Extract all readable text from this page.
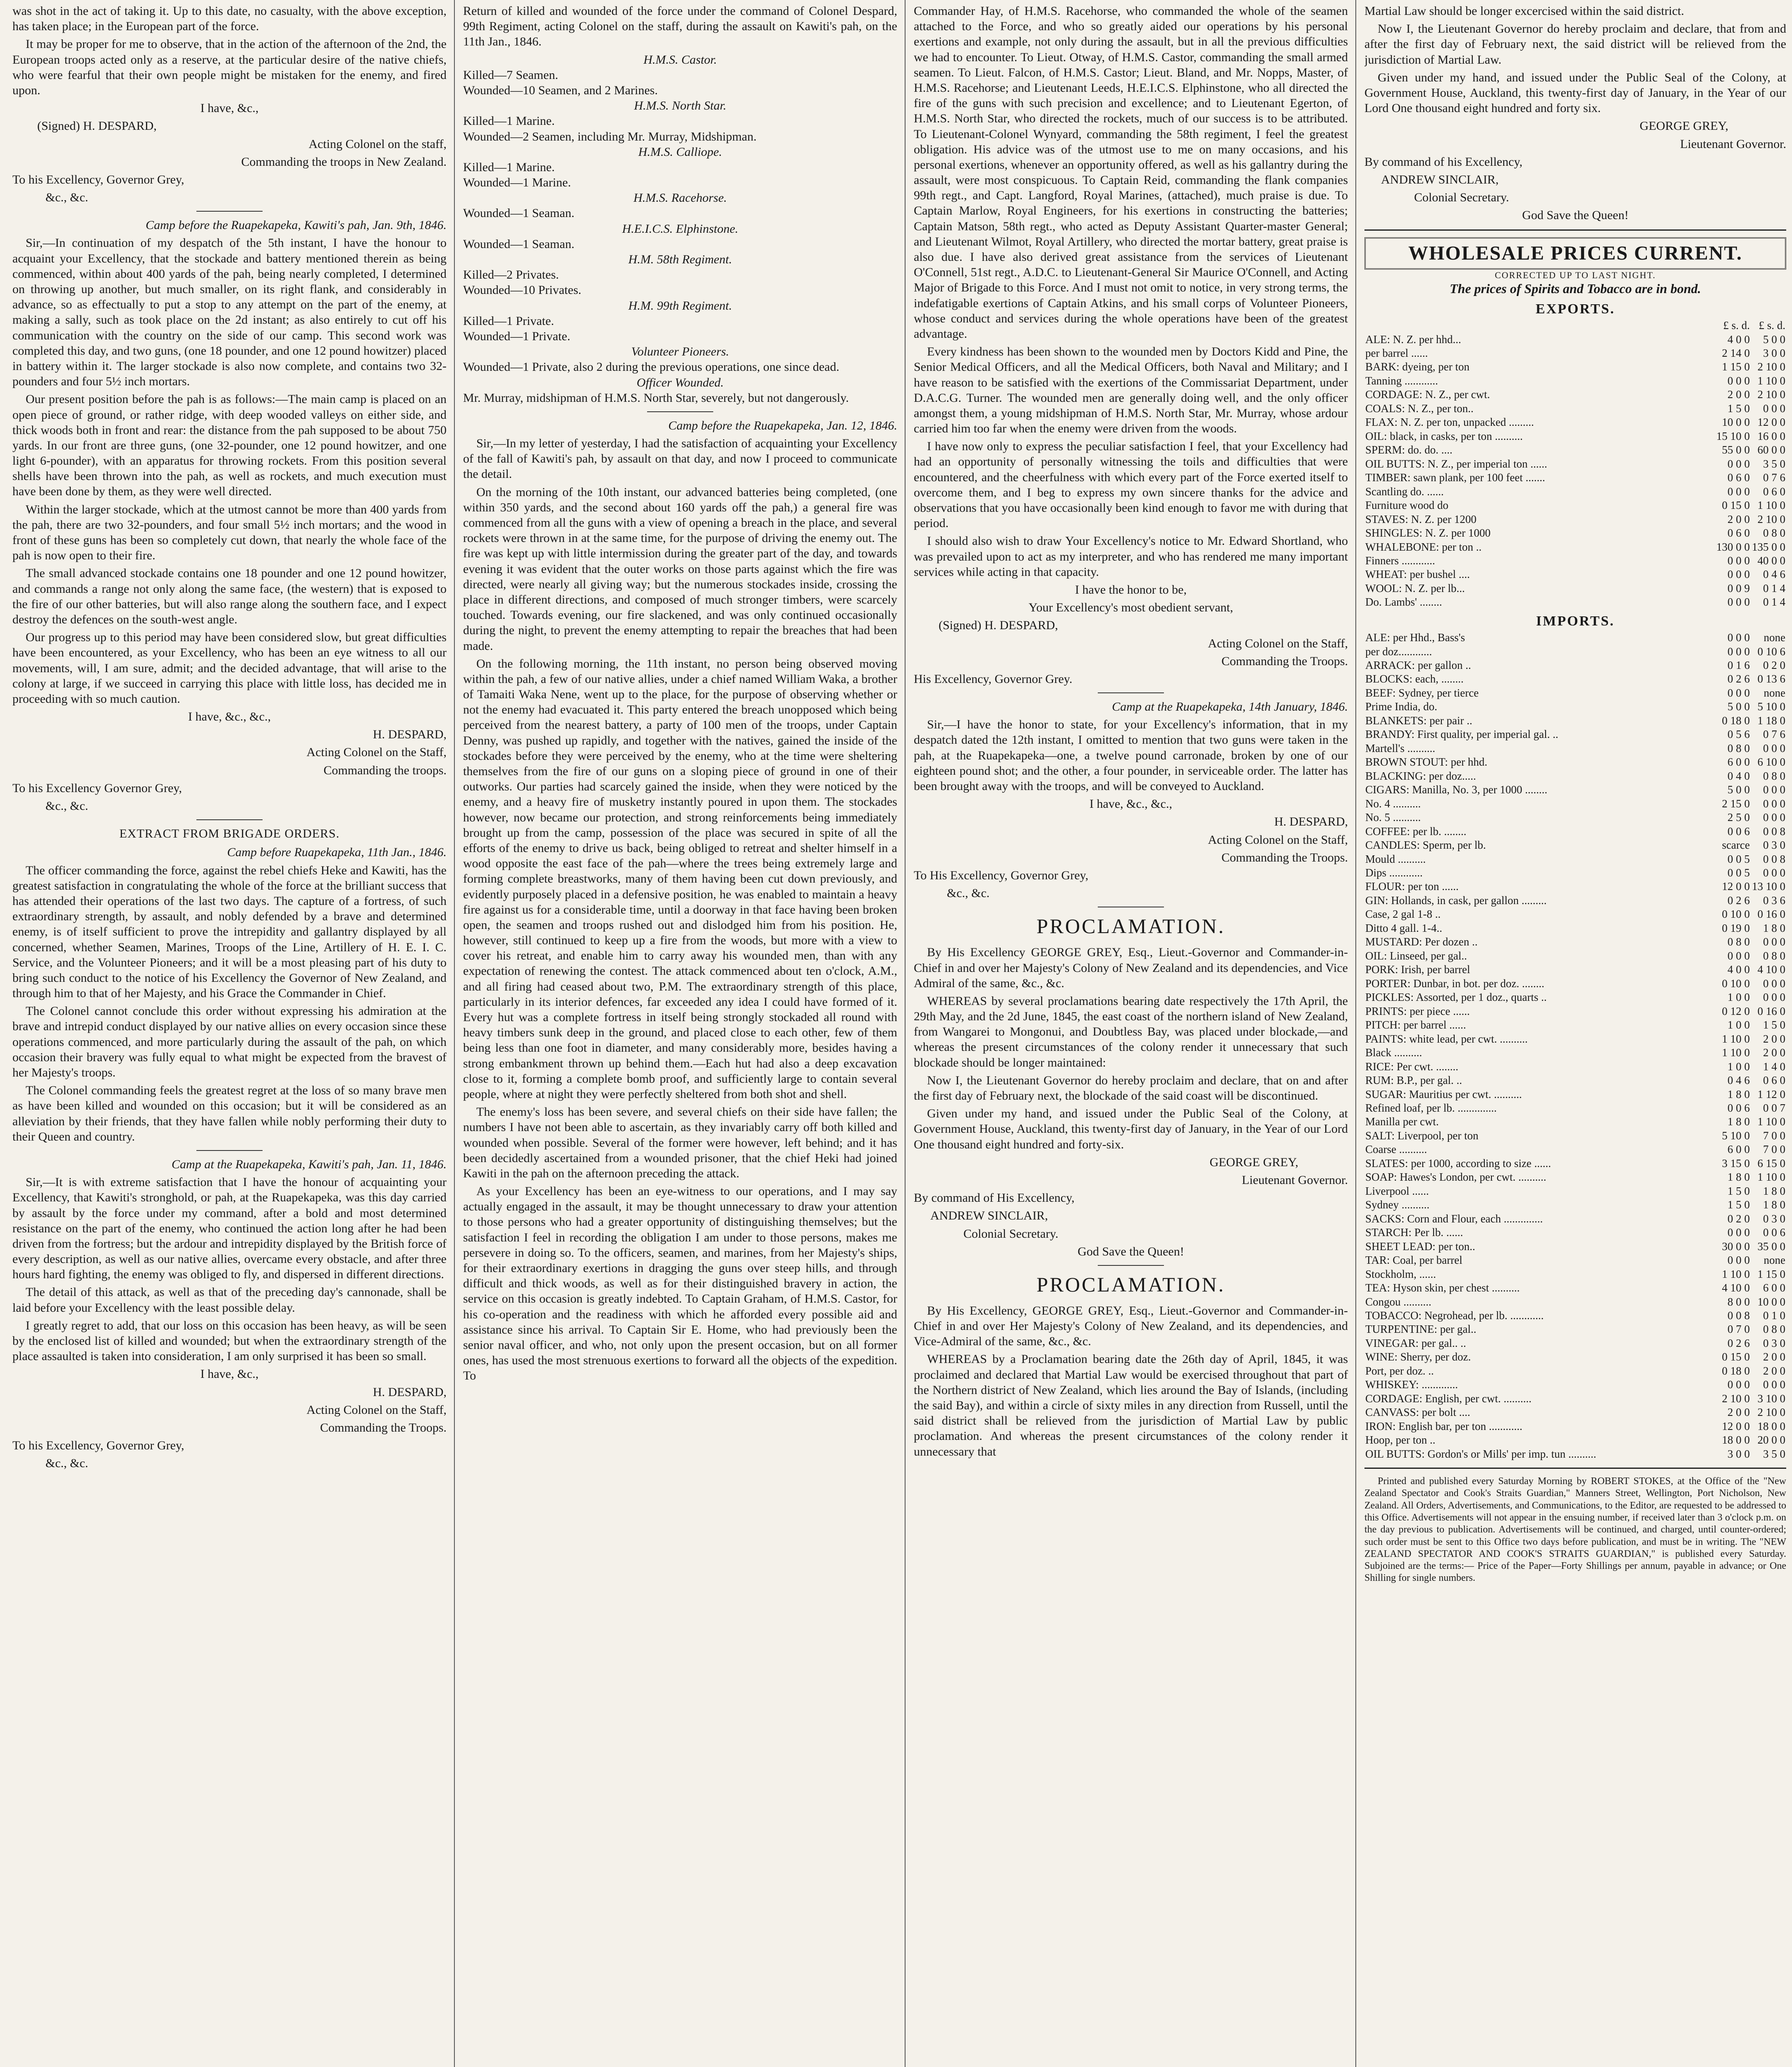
was shot in the act of taking it. Up to this date, no casualty, with the above exception, has taken place; in the European part of the force.

It may be proper for me to observe, that in the action of the afternoon of the 2nd, the European troops acted only as a reserve, at the particular desire of the native chiefs, who were fearful that their own people might be mistaken for the enemy, and fired upon.

I have, &c.,

(Signed) H. DESPARD,

Acting Colonel on the staff,

Commanding the troops in New Zealand.

To his Excellency, Governor Grey,

&c., &c.

Camp before the Ruapekapeka, Kawiti's pah, Jan. 9th, 1846.

Sir,—In continuation of my despatch of the 5th instant, I have the honour to acquaint your Excellency, that the stockade and battery mentioned therein as being commenced, within about 400 yards of the pah, being nearly completed, I determined on throwing up another, but much smaller, on its right flank, and considerably in advance, so as effectually to put a stop to any attempt on the part of the enemy, at making a sally, such as took place on the 2d instant; as also entirely to cut off his communication with the country on the side of our camp. This second work was completed this day, and two guns, (one 18 pounder, and one 12 pound howitzer) placed in battery within it. The larger stockade is also now complete, and contains two 32-pounders and four 5½ inch mortars.

Our present position before the pah is as follows:—The main camp is placed on an open piece of ground, or rather ridge, with deep wooded valleys on either side, and thick woods both in front and rear: the distance from the pah supposed to be about 750 yards. In our front are three guns, (one 32-pounder, one 12 pound howitzer, and one light 6-pounder), with an apparatus for throwing rockets. From this position several shells have been thrown into the pah, as well as rockets, and much execution must have been done by them, as they were well directed.

Within the larger stockade, which at the utmost cannot be more than 400 yards from the pah, there are two 32-pounders, and four small 5½ inch mortars; and the wood in front of these guns has been so completely cut down, that nearly the whole face of the pah is now open to their fire.

The small advanced stockade contains one 18 pounder and one 12 pound howitzer, and commands a range not only along the same face, (the western) that is exposed to the fire of our other batteries, but will also range along the southern face, and I expect destroy the defences on the south-west angle.

Our progress up to this period may have been considered slow, but great difficulties have been encountered, as your Excellency, who has been an eye witness to all our movements, will, I am sure, admit; and the decided advantage, that will arise to the colony at large, if we succeed in carrying this place with little loss, has decided me in proceeding with so much caution.

I have, &c., &c.,

H. DESPARD,

Acting Colonel on the Staff,

Commanding the troops.

To his Excellency Governor Grey,

&c., &c.

EXTRACT FROM BRIGADE ORDERS.

Camp before Ruapekapeka, 11th Jan., 1846.

The officer commanding the force, against the rebel chiefs Heke and Kawiti, has the greatest satisfaction in congratulating the whole of the force at the brilliant success that has attended their operations of the last two days. The capture of a fortress, of such extraordinary strength, by assault, and nobly defended by a brave and determined enemy, is of itself sufficient to prove the intrepidity and gallantry displayed by all concerned, whether Seamen, Marines, Troops of the Line, Artillery of H. E. I. C. Service, and the Volunteer Pioneers; and it will be a most pleasing part of his duty to bring such conduct to the notice of his Excellency the Governor of New Zealand, and through him to that of her Majesty, and his Grace the Commander in Chief.

The Colonel cannot conclude this order without expressing his admiration at the brave and intrepid conduct displayed by our native allies on every occasion since these operations commenced, and more particularly during the assault of the pah, on which occasion their bravery was fully equal to what might be expected from the bravest of her Majesty's troops.

The Colonel commanding feels the greatest regret at the loss of so many brave men as have been killed and wounded on this occasion; but it will be considered as an alleviation by their friends, that they have fallen while nobly performing their duty to their Queen and country.

Camp at the Ruapekapeka, Kawiti's pah, Jan. 11, 1846.

Sir,—It is with extreme satisfaction that I have the honour of acquainting your Excellency, that Kawiti's stronghold, or pah, at the Ruapekapeka, was this day carried by assault by the force under my command, after a bold and most determined resistance on the part of the enemy, who continued the action long after he had been driven from the fortress; but the ardour and intrepidity displayed by the British force of every description, as well as our native allies, overcame every obstacle, and after three hours hard fighting, the enemy was obliged to fly, and dispersed in different directions.

The detail of this attack, as well as that of the preceding day's cannonade, shall be laid before your Excellency with the least possible delay.

I greatly regret to add, that our loss on this occasion has been heavy, as will be seen by the enclosed list of killed and wounded; but when the extraordinary strength of the place assaulted is taken into consideration, I am only surprised it has been so small.

I have, &c.,

H. DESPARD,

Acting Colonel on the Staff,

Commanding the Troops.

To his Excellency, Governor Grey,

&c., &c.

Return of killed and wounded of the force under the command of Colonel Despard, 99th Regiment, acting Colonel on the staff, during the assault on Kawiti's pah, on the 11th Jan., 1846.

H.M.S. Castor.
Killed—7 Seamen.
Wounded—10 Seamen, and 2 Marines.
H.M.S. North Star.
Killed—1 Marine.
Wounded—2 Seamen, including Mr. Murray, Midshipman.
H.M.S. Calliope.
Killed—1 Marine.
Wounded—1 Marine.
H.M.S. Racehorse.
Wounded—1 Seaman.
H.E.I.C.S. Elphinstone.
Wounded—1 Seaman.
H.M. 58th Regiment.
Killed—2 Privates.
Wounded—10 Privates.
H.M. 99th Regiment.
Killed—1 Private.
Wounded—1 Private.
Volunteer Pioneers.
Wounded—1 Private, also 2 during the previous operations, one since dead.
Officer Wounded.
Mr. Murray, midshipman of H.M.S. North Star, severely, but not dangerously.

Camp before the Ruapekapeka, Jan. 12, 1846.

Sir,—In my letter of yesterday, I had the satisfaction of acquainting your Excellency of the fall of Kawiti's pah, by assault on that day, and now I proceed to communicate the detail.

On the morning of the 10th instant, our advanced batteries being completed, (one within 350 yards, and the second about 160 yards off the pah,) a general fire was commenced from all the guns with a view of opening a breach in the place, and several rockets were thrown in at the same time, for the purpose of driving the enemy out. The fire was kept up with little intermission during the greater part of the day, and towards evening it was evident that the outer works on those parts against which the fire was directed, were nearly all giving way; but the numerous stockades inside, crossing the place in different directions, and composed of much stronger timbers, were scarcely touched. Towards evening, our fire slackened, and was only continued occasionally during the night, to prevent the enemy attempting to repair the breaches that had been made.

On the following morning, the 11th instant, no person being observed moving within the pah, a few of our native allies, under a chief named William Waka, a brother of Tamaiti Waka Nene, went up to the place, for the purpose of observing whether or not the enemy had evacuated it. This party entered the breach unopposed which being perceived from the nearest battery, a party of 100 men of the troops, under Captain Denny, was pushed up rapidly, and together with the natives, gained the inside of the stockades before they were perceived by the enemy, who at the time were sheltering themselves from the fire of our guns on a sloping piece of ground in one of their outworks. Our parties had scarcely gained the inside, when they were noticed by the enemy, and a heavy fire of musketry instantly poured in upon them. The stockades however, now became our protection, and strong reinforcements being immediately brought up from the camp, possession of the place was secured in spite of all the efforts of the enemy to drive us back, being obliged to retreat and shelter himself in a wood opposite the east face of the pah—where the trees being extremely large and forming complete breastworks, many of them having been cut down previously, and evidently purposely placed in a defensive position, he was enabled to maintain a heavy fire against us for a considerable time, until a doorway in that face having been broken open, the seamen and troops rushed out and dislodged him from his position. He, however, still continued to keep up a fire from the woods, but more with a view to cover his retreat, and enable him to carry away his wounded men, than with any expectation of renewing the contest. The attack commenced about ten o'clock, A.M., and all firing had ceased about two, P.M. The extraordinary strength of this place, particularly in its interior defences, far exceeded any idea I could have formed of it. Every hut was a complete fortress in itself being strongly stockaded all round with heavy timbers sunk deep in the ground, and placed close to each other, few of them being less than one foot in diameter, and many considerably more, besides having a strong embankment thrown up behind them.—Each hut had also a deep excavation close to it, forming a complete bomb proof, and sufficiently large to contain several people, where at night they were perfectly sheltered from both shot and shell.

The enemy's loss has been severe, and several chiefs on their side have fallen; the numbers I have not been able to ascertain, as they invariably carry off both killed and wounded when possible. Several of the former were however, left behind; and it has been decidedly ascertained from a wounded prisoner, that the chief Heki had joined Kawiti in the pah on the afternoon preceding the attack.

As your Excellency has been an eye-witness to our operations, and I may say actually engaged in the assault, it may be thought unnecessary to draw your attention to those persons who had a greater opportunity of distinguishing themselves; but the satisfaction I feel in recording the obligation I am under to those persons, makes me persevere in doing so. To the officers, seamen, and marines, from her Majesty's ships, for their extraordinary exertions in dragging the guns over steep hills, and through difficult and thick woods, as well as for their distinguished bravery in action, the service on this occasion is greatly indebted. To Captain Graham, of H.M.S. Castor, for his co-operation and the readiness with which he afforded every possible aid and assistance since his arrival. To Captain Sir E. Home, who had previously been the senior naval officer, and who, not only upon the present occasion, but on all former ones, has used the most strenuous exertions to forward all the objects of the expedition. To

Commander Hay, of H.M.S. Racehorse, who commanded the whole of the seamen attached to the Force, and who so greatly aided our operations by his personal exertions and example, not only during the assault, but in all the previous difficulties we had to encounter. To Lieut. Otway, of H.M.S. Castor, commanding the small armed seamen. To Lieut. Falcon, of H.M.S. Castor; Lieut. Bland, and Mr. Nopps, Master, of H.M.S. Racehorse; and Lieutenant Leeds, H.E.I.C.S. Elphinstone, who all directed the fire of the guns with such precision and excellence; and to Lieutenant Egerton, of H.M.S. North Star, who directed the rockets, much of our success is to be attributed. To Lieutenant-Colonel Wynyard, commanding the 58th regiment, I feel the greatest obligation. His advice was of the utmost use to me on many occasions, and his personal exertions, whenever an opportunity offered, as well as his gallantry during the assault, were most conspicuous. To Captain Reid, commanding the flank companies 99th regt., and Capt. Langford, Royal Marines, (attached), much praise is due. To Captain Marlow, Royal Engineers, for his exertions in constructing the batteries; Captain Matson, 58th regt., who acted as Deputy Assistant Quarter-master General; and Lieutenant Wilmot, Royal Artillery, who directed the mortar battery, great praise is also due. I have also derived great assistance from the services of Lieutenant O'Connell, 51st regt., A.D.C. to Lieutenant-General Sir Maurice O'Connell, and Acting Major of Brigade to this Force. And I must not omit to notice, in very strong terms, the indefatigable exertions of Captain Atkins, and his small corps of Volunteer Pioneers, whose conduct and services during the whole operations have been of the greatest advantage.

Every kindness has been shown to the wounded men by Doctors Kidd and Pine, the Senior Medical Officers, and all the Medical Officers, both Naval and Military; and I have reason to be satisfied with the exertions of the Commissariat Department, under D.A.C.G. Turner. The wounded men are generally doing well, and the only officer amongst them, a young midshipman of H.M.S. North Star, Mr. Murray, whose ardour carried him too far when the enemy were driven from the woods.

I have now only to express the peculiar satisfaction I feel, that your Excellency had had an opportunity of personally witnessing the toils and difficulties that were encountered, and the cheerfulness with which every part of the Force exerted itself to overcome them, and I beg to express my own sincere thanks for the advice and observations that you have occasionally been kind enough to favor me with during that period.

I should also wish to draw Your Excellency's notice to Mr. Edward Shortland, who was prevailed upon to act as my interpreter, and who has rendered me many important services while acting in that capacity.

I have the honor to be,

Your Excellency's most obedient servant,

(Signed) H. DESPARD,

Acting Colonel on the Staff,

Commanding the Troops.

His Excellency, Governor Grey.

Camp at the Ruapekapeka, 14th January, 1846.

Sir,—I have the honor to state, for your Excellency's information, that in my despatch dated the 12th instant, I omitted to mention that two guns were taken in the pah, at the Ruapekapeka—one, a twelve pound carronade, broken by one of our eighteen pound shot; and the other, a four pounder, in serviceable order. The latter has been brought away with the troops, and will be conveyed to Auckland.

I have, &c., &c.,

H. DESPARD,

Acting Colonel on the Staff,

Commanding the Troops.

To His Excellency, Governor Grey,

&c., &c.

PROCLAMATION.

By His Excellency GEORGE GREY, Esq., Lieut.-Governor and Commander-in-Chief in and over her Majesty's Colony of New Zealand and its dependencies, and Vice Admiral of the same, &c., &c.

WHEREAS by several proclamations bearing date respectively the 17th April, the 29th May, and the 2d June, 1845, the east coast of the northern island of New Zealand, from Wangarei to Mongonui, and Doubtless Bay, was placed under blockade,—and whereas the present circumstances of the colony render it unnecessary that such blockade should be longer maintained:

Now I, the Lieutenant Governor do hereby proclaim and declare, that on and after the first day of February next, the blockade of the said coast will be discontinued.

Given under my hand, and issued under the Public Seal of the Colony, at Government House, Auckland, this twenty-first day of January, in the Year of our Lord One thousand eight hundred and forty-six.

GEORGE GREY,

Lieutenant Governor.

By command of His Excellency,

ANDREW SINCLAIR,

Colonial Secretary.

God Save the Queen!

PROCLAMATION.

By His Excellency, GEORGE GREY, Esq., Lieut.-Governor and Commander-in-Chief in and over Her Majesty's Colony of New Zealand, and its dependencies, and Vice-Admiral of the same, &c., &c.

WHEREAS by a Proclamation bearing date the 26th day of April, 1845, it was proclaimed and declared that Martial Law would be exercised throughout that part of the Northern district of New Zealand, which lies around the Bay of Islands, (including the said Bay), and within a circle of sixty miles in any direction from Russell, until the said district shall be relieved from the jurisdiction of Martial Law by public proclamation. And whereas the present circumstances of the colony render it unnecessary that

Martial Law should be longer excercised within the said district.

Now I, the Lieutenant Governor do hereby proclaim and declare, that from and after the first day of February next, the said district will be relieved from the jurisdiction of Martial Law.

Given under my hand, and issued under the Public Seal of the Colony, at Government House, Auckland, this twenty-first day of January, in the Year of our Lord One thousand eight hundred and forty six.

GEORGE GREY,

Lieutenant Governor.

By command of his Excellency,

ANDREW SINCLAIR,

Colonial Secretary.

God Save the Queen!

WHOLESALE PRICES CURRENT.
CORRECTED UP TO LAST NIGHT.
The prices of Spirits and Tobacco are in bond.
EXPORTS.
	£ s. d.	£ s. d.
ALE: N. Z. per hhd...	4 0 0	5 0 0
per barrel ......	2 14 0	3 0 0
BARK: dyeing, per ton	1 15 0	2 10 0
Tanning ............	0 0 0	1 10 0
CORDAGE: N. Z., per cwt.	2 0 0	2 10 0
COALS: N. Z., per ton..	1 5 0	0 0 0
FLAX: N. Z. per ton, unpacked .........	10 0 0	12 0 0
OIL: black, in casks, per ton ..........	15 10 0	16 0 0
SPERM: do. do. ....	55 0 0	60 0 0
OIL BUTTS: N. Z., per imperial ton ......	0 0 0	3 5 0
TIMBER: sawn plank, per 100 feet .......	0 6 0	0 7 6
Scantling do. ......	0 0 0	0 6 0
Furniture wood do	0 15 0	1 10 0
STAVES: N. Z. per 1200	2 0 0	2 10 0
SHINGLES: N. Z. per 1000	0 6 0	0 8 0
WHALEBONE: per ton ..	130 0 0	135 0 0
Finners ............	0 0 0	40 0 0
WHEAT: per bushel ....	0 0 0	0 4 6
WOOL: N. Z. per lb...	0 0 9	0 1 4
Do. Lambs' ........	0 0 0	0 1 4
IMPORTS.
ALE: per Hhd., Bass's	0 0 0	none
per doz............	0 0 0	0 10 6
ARRACK: per gallon ..	0 1 6	0 2 0
BLOCKS: each, ........	0 2 6	0 13 6
BEEF: Sydney, per tierce	0 0 0	none
Prime India, do.	5 0 0	5 10 0
BLANKETS: per pair ..	0 18 0	1 18 0
BRANDY: First quality, per imperial gal. ..	0 5 6	0 7 6
Martell's ..........	0 8 0	0 0 0
BROWN STOUT: per hhd.	6 0 0	6 10 0
BLACKING: per doz.....	0 4 0	0 8 0
CIGARS: Manilla, No. 3, per 1000 ........	5 0 0	0 0 0
No. 4 ..........	2 15 0	0 0 0
No. 5 ..........	2 5 0	0 0 0
COFFEE: per lb. ........	0 0 6	0 0 8
CANDLES: Sperm, per lb.	scarce	0 3 0
Mould ..........	0 0 5	0 0 8
Dips ............	0 0 5	0 0 0
FLOUR: per ton ......	12 0 0	13 10 0
GIN: Hollands, in cask, per gallon .........	0 2 6	0 3 6
Case, 2 gal 1-8 ..	0 10 0	0 16 0
Ditto 4 gall. 1-4..	0 19 0	1 8 0
MUSTARD: Per dozen ..	0 8 0	0 0 0
OIL: Linseed, per gal..	0 0 0	0 8 0
PORK: Irish, per barrel	4 0 0	4 10 0
PORTER: Dunbar, in bot. per doz. ........	0 10 0	0 0 0
PICKLES: Assorted, per 1 doz., quarts ..	1 0 0	0 0 0
PRINTS: per piece ......	0 12 0	0 16 0
PITCH: per barrel ......	1 0 0	1 5 0
PAINTS: white lead, per cwt. ..........	1 10 0	2 0 0
Black ..........	1 10 0	2 0 0
RICE: Per cwt. ........	1 0 0	1 4 0
RUM: B.P., per gal. ..	0 4 6	0 6 0
SUGAR: Mauritius per cwt. ..........	1 8 0	1 12 0
Refined loaf, per lb. ..............	0 0 6	0 0 7
Manilla per cwt.	1 8 0	1 10 0
SALT: Liverpool, per ton	5 10 0	7 0 0
Coarse ..........	6 0 0	7 0 0
SLATES: per 1000, according to size ......	3 15 0	6 15 0
SOAP: Hawes's London, per cwt. ..........	1 8 0	1 10 0
Liverpool ......	1 5 0	1 8 0
Sydney ..........	1 5 0	1 8 0
SACKS: Corn and Flour, each ..............	0 2 0	0 3 0
STARCH: Per lb. ......	0 0 0	0 0 6
SHEET LEAD: per ton..	30 0 0	35 0 0
TAR: Coal, per barrel	0 0 0	none
Stockholm, ......	1 10 0	1 15 0
TEA: Hyson skin, per chest ..........	4 10 0	6 0 0
Congou ..........	8 0 0	10 0 0
TOBACCO: Negrohead, per lb. ............	0 0 8	0 1 0
TURPENTINE: per gal..	0 7 0	0 8 0
VINEGAR: per gal.. ..	0 2 6	0 3 0
WINE: Sherry, per doz.	0 15 0	2 0 0
Port, per doz. ..	0 18 0	2 0 0
WHISKEY: .............	0 0 0	0 0 0
CORDAGE: English, per cwt. ..........	2 10 0	3 10 0
CANVASS: per bolt ....	2 0 0	2 10 0
IRON: English bar, per ton ............	12 0 0	18 0 0
Hoop, per ton ..	18 0 0	20 0 0
OIL BUTTS: Gordon's or Mills' per imp. tun ..........	3 0 0	3 5 0

Printed and published every Saturday Morning by ROBERT STOKES, at the Office of the "New Zealand Spectator and Cook's Straits Guardian," Manners Street, Wellington, Port Nicholson, New Zealand. All Orders, Advertisements, and Communications, to the Editor, are requested to be addressed to this Office. Advertisements will not appear in the ensuing number, if received later than 3 o'clock p.m. on the day previous to publication. Advertisements will be continued, and charged, until counter-ordered; such order must be sent to this Office two days before publication, and must be in writing. The "NEW ZEALAND SPECTATOR AND COOK'S STRAITS GUARDIAN," is published every Saturday. Subjoined are the terms:— Price of the Paper—Forty Shillings per annum, payable in advance; or One Shilling for single numbers.
